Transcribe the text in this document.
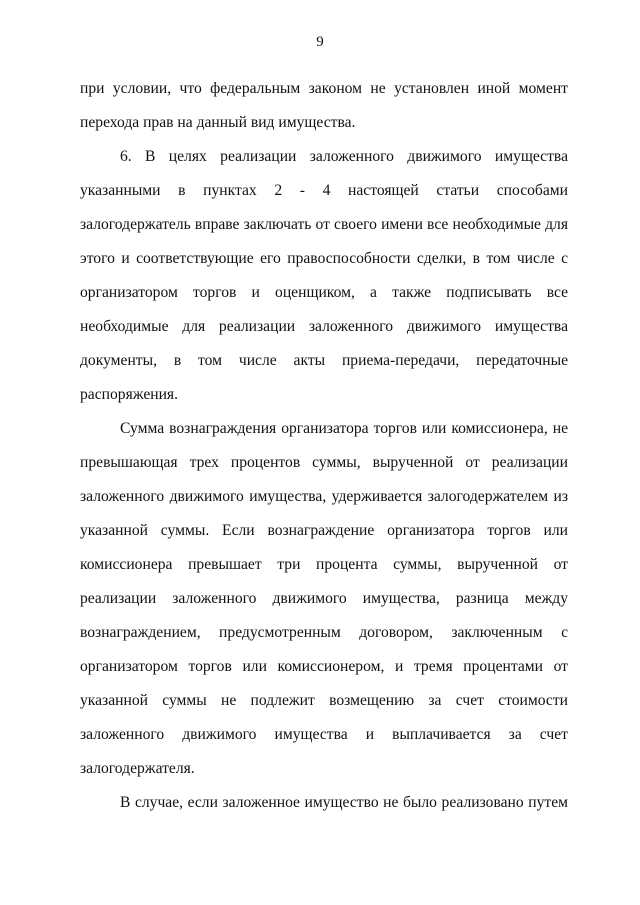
9

при условии, что федеральным законом не установлен иной момент перехода прав на данный вид имущества.

6. В целях реализации заложенного движимого имущества указанными в пунктах 2 - 4 настоящей статьи способами залогодержатель вправе заключать от своего имени все необходимые для этого и соответствующие его правоспособности сделки, в том числе с организатором торгов и оценщиком, а также подписывать все необходимые для реализации заложенного движимого имущества документы, в том числе акты приема-передачи, передаточные распоряжения.

Сумма вознаграждения организатора торгов или комиссионера, не превышающая трех процентов суммы, вырученной от реализации заложенного движимого имущества, удерживается залогодержателем из указанной суммы. Если вознаграждение организатора торгов или комиссионера превышает три процента суммы, вырученной от реализации заложенного движимого имущества, разница между вознаграждением, предусмотренным договором, заключенным с организатором торгов или комиссионером, и тремя процентами от указанной суммы не подлежит возмещению за счет стоимости заложенного движимого имущества и выплачивается за счет залогодержателя.

В случае, если заложенное имущество не было реализовано путем
